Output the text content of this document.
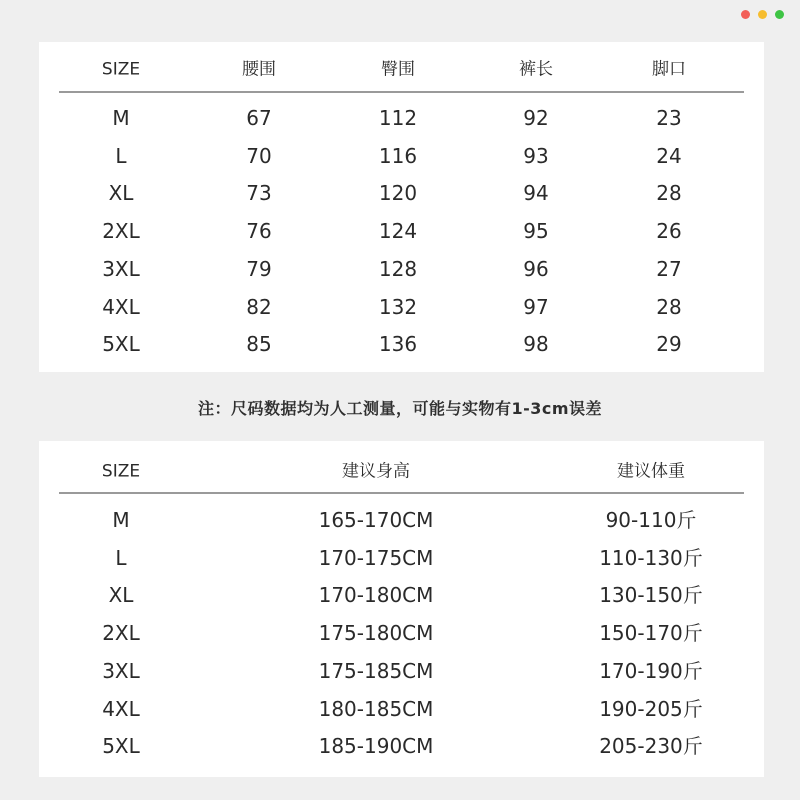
SIZE	腰围	臀围	裤长	脚口
M	67	112	92	23
L	70	116	93	24
XL	73	120	94	28
2XL	76	124	95	26
3XL	79	128	96	27
4XL	82	132	97	28
5XL	85	136	98	29
注：尺码数据均为人工测量，可能与实物有1-3cm误差
SIZE	建议身高	建议体重
M	165-170CM	90-110斤
L	170-175CM	110-130斤
XL	170-180CM	130-150斤
2XL	175-180CM	150-170斤
3XL	175-185CM	170-190斤
4XL	180-185CM	190-205斤
5XL	185-190CM	205-230斤
